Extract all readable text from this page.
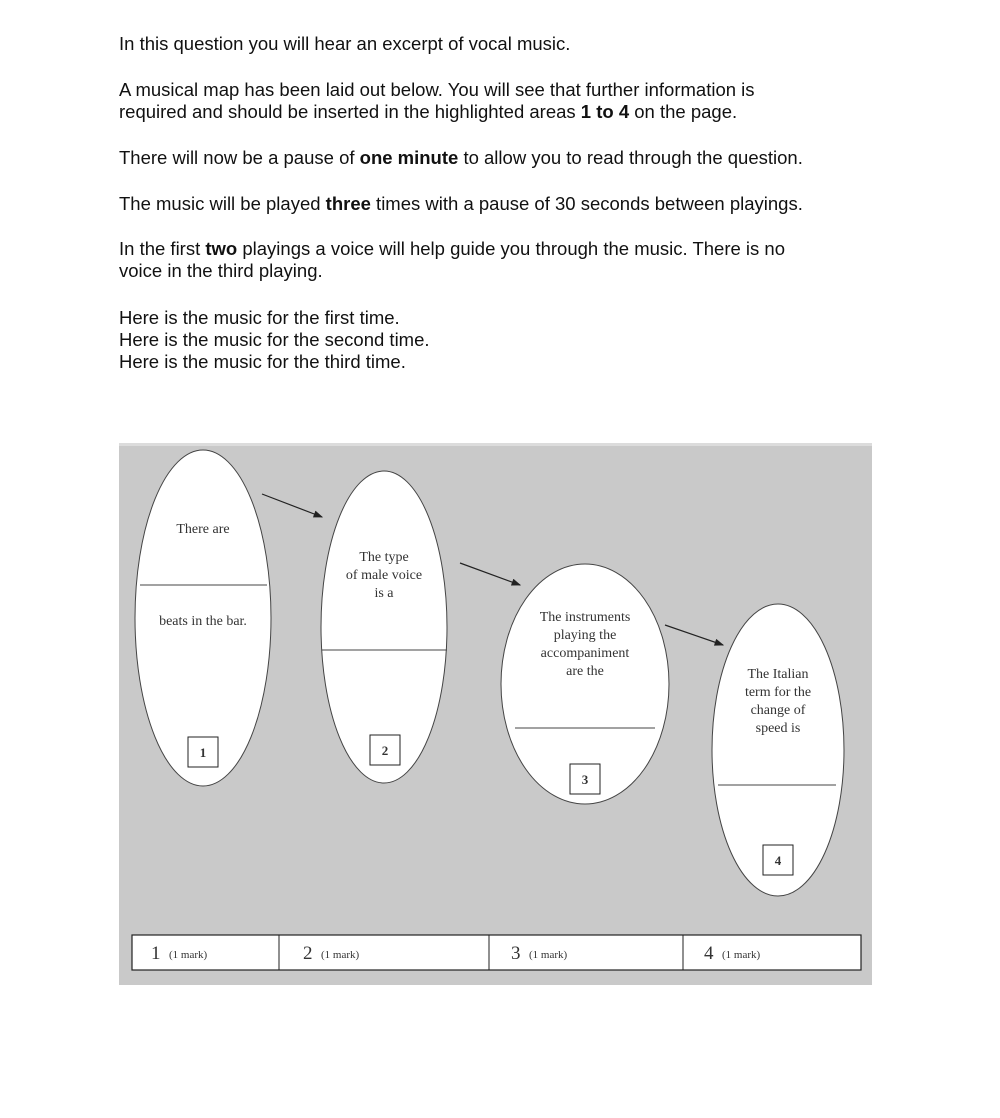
In this question you will hear an excerpt of vocal music.
A musical map has been laid out below. You will see that further information is
required and should be inserted in the highlighted areas 1 to 4 on the page.
There will now be a pause of one minute to allow you to read through the question.
The music will be played three times with a pause of 30 seconds between playings.
In the first two playings a voice will help guide you through the music. There is no
voice in the third playing.
Here is the music for the first time.
Here is the music for the second time.
Here is the music for the third time.
There are
beats in the bar.
1
The type
of male voice
is a
2
The instruments
playing the
accompaniment
are the
3
The Italian
term for the
change of
speed is
4
1 (1 mark)	2 (1 mark)	3 (1 mark)	4 (1 mark)
